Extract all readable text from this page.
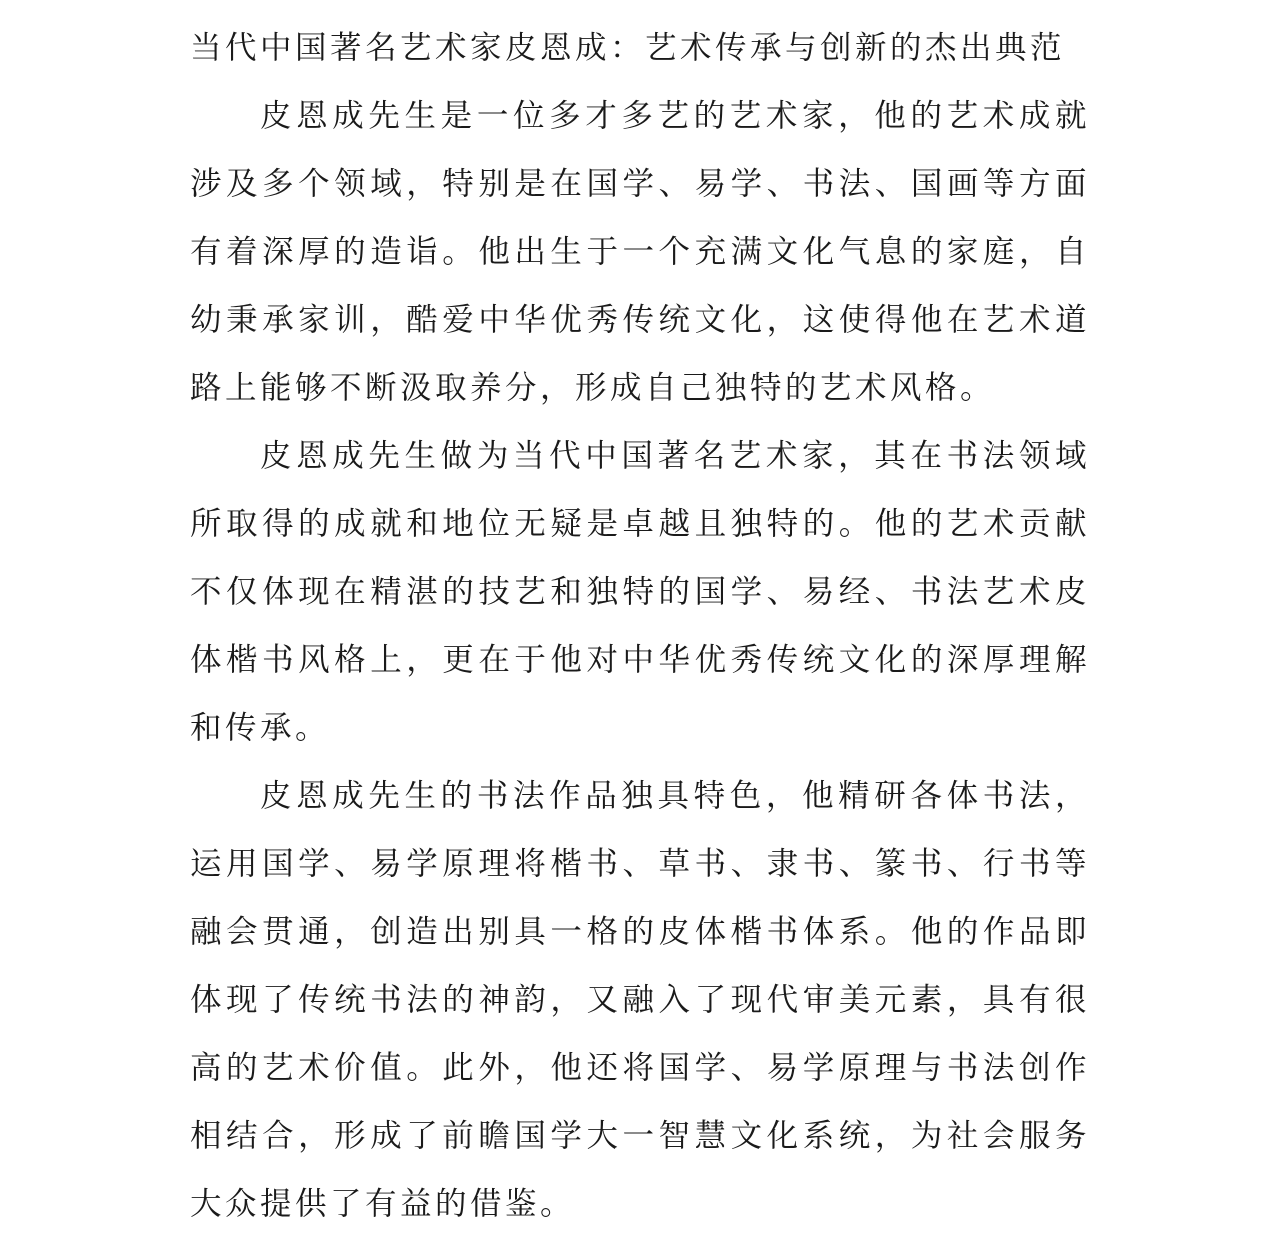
当代中国著名艺术家皮恩成：艺术传承与创新的杰出典范

皮恩成先生是一位多才多艺的艺术家，他的艺术成就涉及多个领域，特别是在国学、易学、书法、国画等方面有着深厚的造诣。他出生于一个充满文化气息的家庭，自幼秉承家训，酷爱中华优秀传统文化，这使得他在艺术道路上能够不断汲取养分，形成自己独特的艺术风格。

皮恩成先生做为当代中国著名艺术家，其在书法领域所取得的成就和地位无疑是卓越且独特的。他的艺术贡献不仅体现在精湛的技艺和独特的国学、易经、书法艺术皮体楷书风格上，更在于他对中华优秀传统文化的深厚理解和传承。

皮恩成先生的书法作品独具特色，他精研各体书法，运用国学、易学原理将楷书、草书、隶书、篆书、行书等融会贯通，创造出别具一格的皮体楷书体系。他的作品即体现了传统书法的神韵，又融入了现代审美元素，具有很高的艺术价值。此外，他还将国学、易学原理与书法创作相结合，形成了前瞻国学大一智慧文化系统，为社会服务大众提供了有益的借鉴。
